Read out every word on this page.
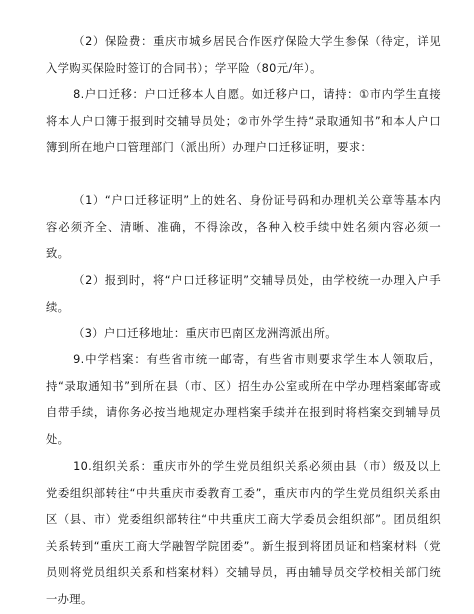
（2）保险费：重庆市城乡居民合作医疗保险大学生参保（待定，详见入学购买保险时签订的合同书）；学平险（80元/年）。

8.户口迁移：户口迁移本人自愿。如迁移户口，请持：①市内学生直接将本人户口簿于报到时交辅导员处；②市外学生持“录取通知书”和本人户口簿到所在地户口管理部门（派出所）办理户口迁移证明，要求：

（1）“户口迁移证明”上的姓名、身份证号码和办理机关公章等基本内容必须齐全、清晰、准确，不得涂改，各种入校手续中姓名须内容必须一致。

（2）报到时，将“户口迁移证明”交辅导员处，由学校统一办理入户手续。

（3）户口迁移地址：重庆市巴南区龙洲湾派出所。

9.中学档案：有些省市统一邮寄，有些省市则要求学生本人领取后，持“录取通知书”到所在县（市、区）招生办公室或所在中学办理档案邮寄或自带手续，请你务必按当地规定办理档案手续并在报到时将档案交到辅导员处。

10.组织关系：重庆市外的学生党员组织关系必须由县（市）级及以上党委组织部转往“中共重庆市委教育工委”，重庆市内的学生党员组织关系由区（县、市）党委组织部转往“中共重庆工商大学委员会组织部”。团员组织关系转到“重庆工商大学融智学院团委”。新生报到将团员证和档案材料（党员则将党员组织关系和档案材料）交辅导员，再由辅导员交学校相关部门统一办理。
